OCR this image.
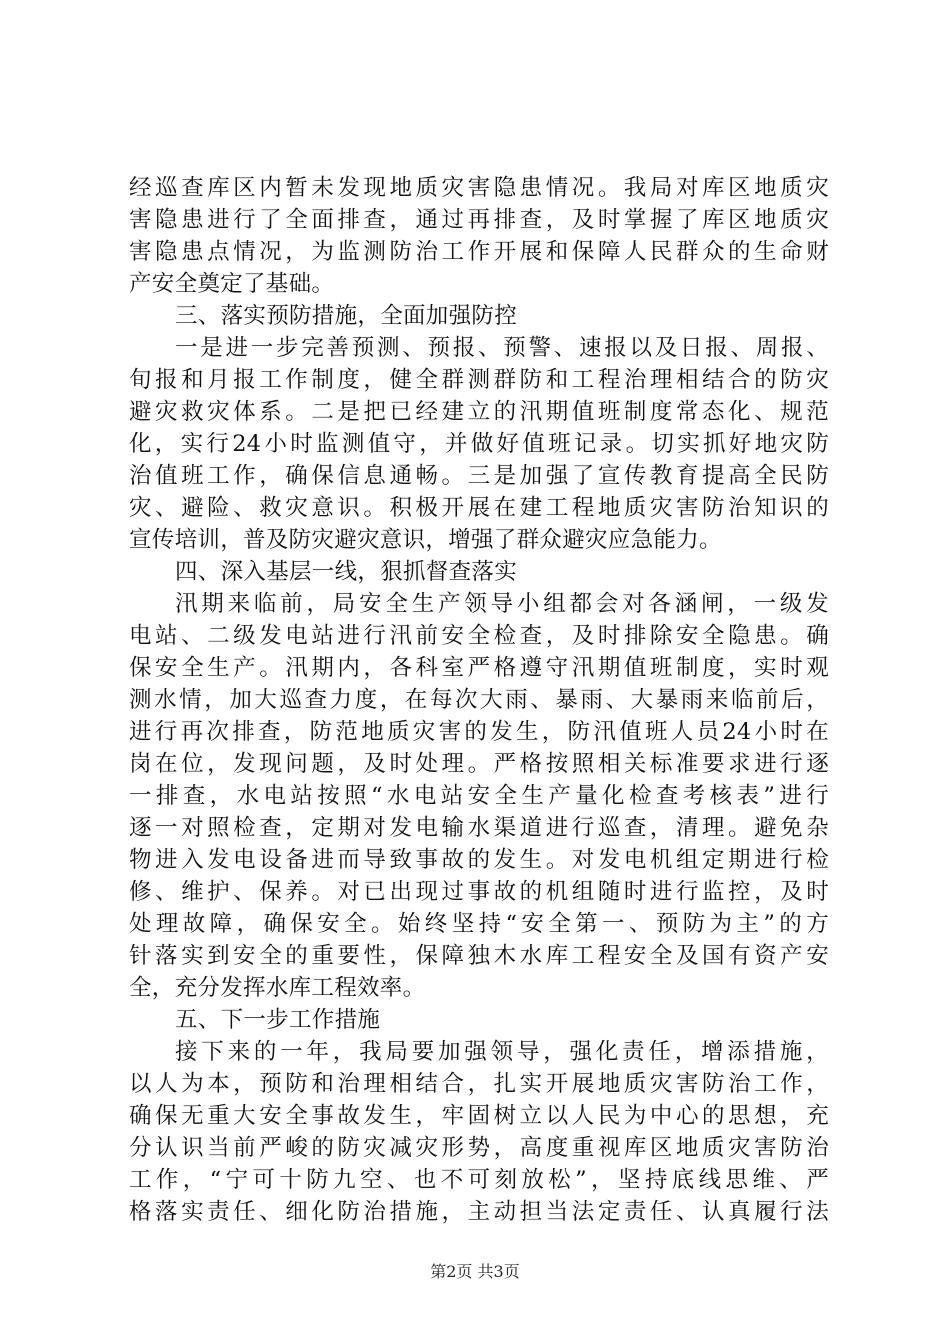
经巡查库区内暂未发现地质灾害隐患情况。我局对库区地质灾
害隐患进行了全面排查，通过再排查，及时掌握了库区地质灾
害隐患点情况，为监测防治工作开展和保障人民群众的生命财
产安全奠定了基础。
三、落实预防措施，全面加强防控
一是进一步完善预测、预报、预警、速报以及日报、周报、
旬报和月报工作制度，健全群测群防和工程治理相结合的防灾
避灾救灾体系。二是把已经建立的汛期值班制度常态化、规范
化，实行24小时监测值守，并做好值班记录。切实抓好地灾防
治值班工作，确保信息通畅。三是加强了宣传教育提高全民防
灾、避险、救灾意识。积极开展在建工程地质灾害防治知识的
宣传培训，普及防灾避灾意识，增强了群众避灾应急能力。
四、深入基层一线，狠抓督查落实
汛期来临前，局安全生产领导小组都会对各涵闸，一级发
电站、二级发电站进行汛前安全检查，及时排除安全隐患。确
保安全生产。汛期内，各科室严格遵守汛期值班制度，实时观
测水情，加大巡查力度，在每次大雨、暴雨、大暴雨来临前后，
进行再次排查，防范地质灾害的发生，防汛值班人员24小时在
岗在位，发现问题，及时处理。严格按照相关标准要求进行逐
一排查，水电站按照“水电站安全生产量化检查考核表”进行
逐一对照检查，定期对发电输水渠道进行巡查，清理。避免杂
物进入发电设备进而导致事故的发生。对发电机组定期进行检
修、维护、保养。对已出现过事故的机组随时进行监控，及时
处理故障，确保安全。始终坚持“安全第一、预防为主”的方
针落实到安全的重要性，保障独木水库工程安全及国有资产安
全，充分发挥水库工程效率。
五、下一步工作措施
接下来的一年，我局要加强领导，强化责任，增添措施，
以人为本，预防和治理相结合，扎实开展地质灾害防治工作，
确保无重大安全事故发生，牢固树立以人民为中心的思想，充
分认识当前严峻的防灾减灾形势，高度重视库区地质灾害防治
工作，“宁可十防九空、也不可刻放松”，坚持底线思维、严
格落实责任、细化防治措施，主动担当法定责任、认真履行法
第2页 共3页
